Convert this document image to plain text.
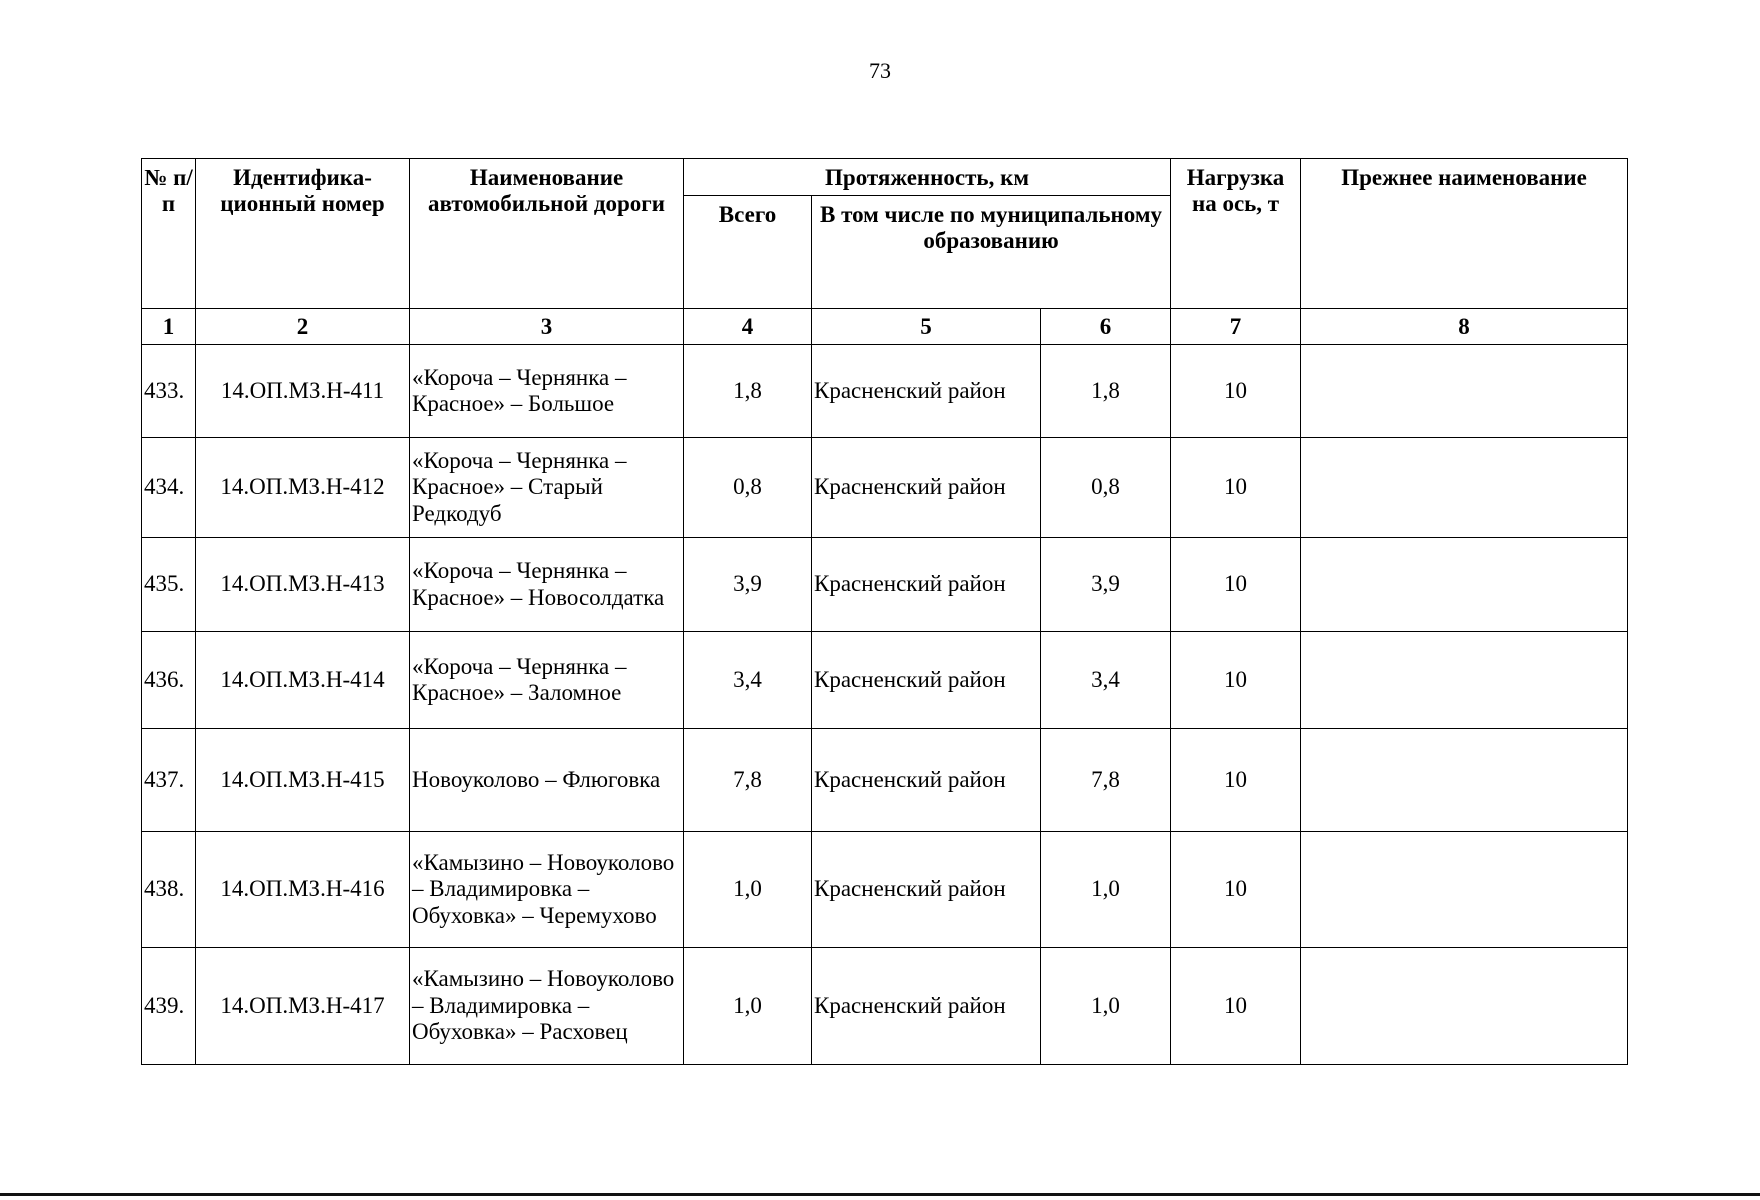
73
№ п/п	Идентифика-ционный номер	Наименование автомобильной дороги	Протяженность, км			Нагрузка на ось, т	Прежнее наименование
			Всего	В том числе по муниципальному образованию			
1	2	3	4	5	6	7	8
433.	14.ОП.МЗ.Н-411	«Короча – Чернянка – Красное» – Большое	1,8	Красненский район	1,8	10	
434.	14.ОП.МЗ.Н-412	«Короча – Чернянка – Красное» – Старый Редкодуб	0,8	Красненский район	0,8	10	
435.	14.ОП.МЗ.Н-413	«Короча – Чернянка – Красное» – Новосолдатка	3,9	Красненский район	3,9	10	
436.	14.ОП.МЗ.Н-414	«Короча – Чернянка – Красное» – Заломное	3,4	Красненский район	3,4	10	
437.	14.ОП.МЗ.Н-415	Новоуколово – Флюговка	7,8	Красненский район	7,8	10	
438.	14.ОП.МЗ.Н-416	«Камызино – Новоуколово – Владимировка – Обуховка» – Черемухово	1,0	Красненский район	1,0	10	
439.	14.ОП.МЗ.Н-417	«Камызино – Новоуколово – Владимировка – Обуховка» – Расховец	1,0	Красненский район	1,0	10	
